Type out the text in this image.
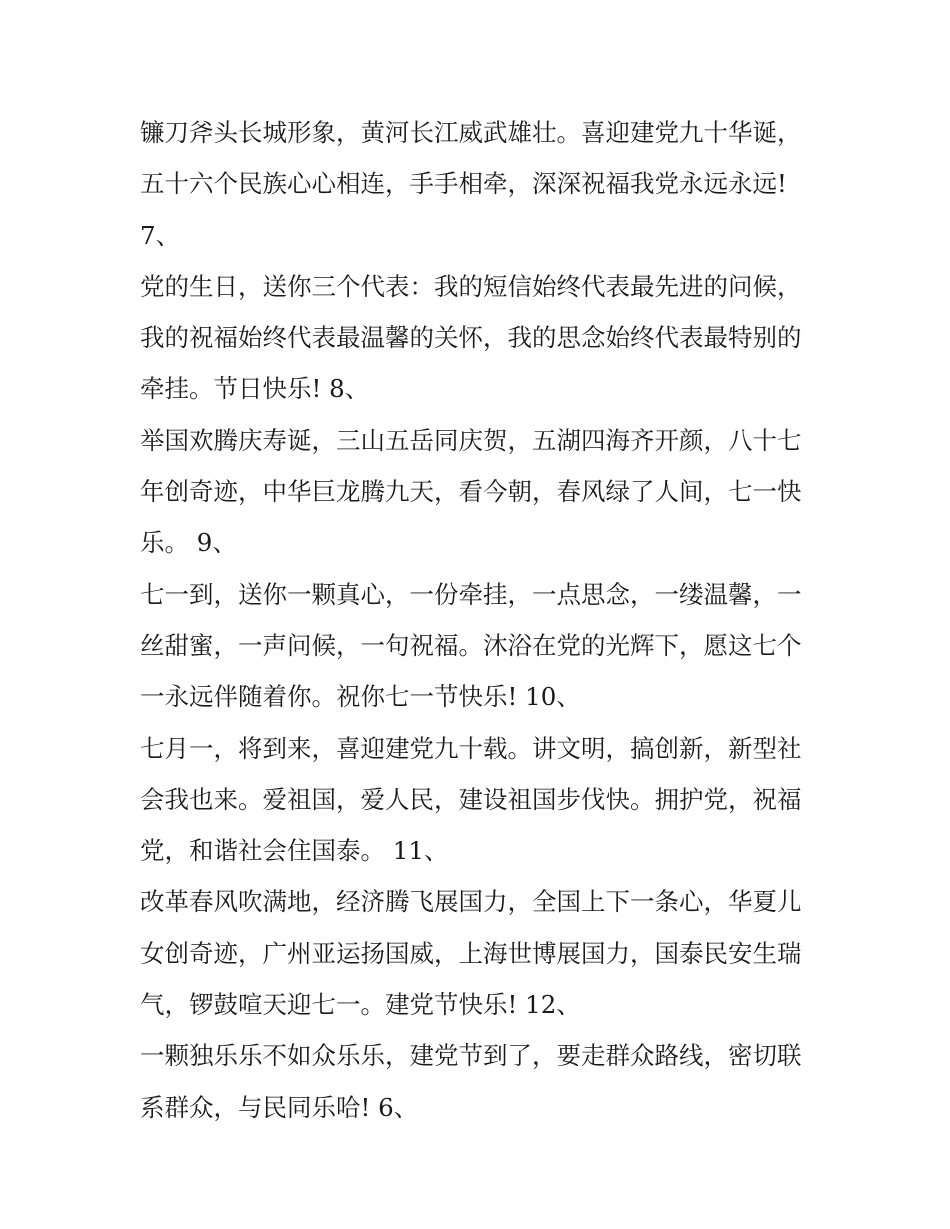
镰刀斧头长城形象，黄河长江威武雄壮。喜迎建党九十华诞，
五十六个民族心心相连，手手相牵，深深祝福我党永远永远!
7、
党的生日，送你三个代表：我的短信始终代表最先进的问候，
我的祝福始终代表最温馨的关怀，我的思念始终代表最特别的
牵挂。节日快乐! 8、
举国欢腾庆寿诞，三山五岳同庆贺，五湖四海齐开颜，八十七
年创奇迹，中华巨龙腾九天，看今朝，春风绿了人间，七一快
乐。 9、
七一到，送你一颗真心，一份牵挂，一点思念，一缕温馨，一
丝甜蜜，一声问候，一句祝福。沐浴在党的光辉下，愿这七个
一永远伴随着你。祝你七一节快乐! 10、
七月一，将到来，喜迎建党九十载。讲文明，搞创新，新型社
会我也来。爱祖国，爱人民，建设祖国步伐快。拥护党，祝福
党，和谐社会住国泰。 11、
改革春风吹满地，经济腾飞展国力，全国上下一条心，华夏儿
女创奇迹，广州亚运扬国威，上海世博展国力，国泰民安生瑞
气，锣鼓喧天迎七一。建党节快乐! 12、
一颗独乐乐不如众乐乐，建党节到了，要走群众路线，密切联
系群众，与民同乐哈! 6、
